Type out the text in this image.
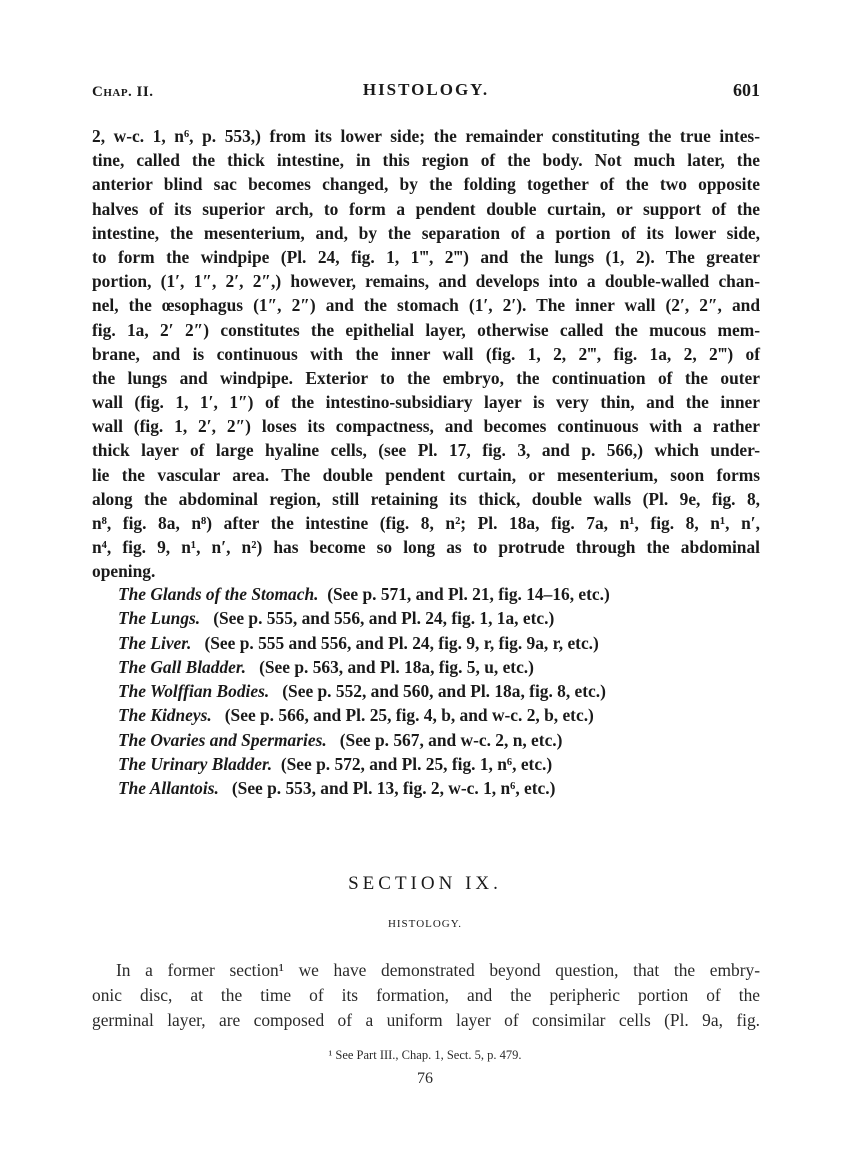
Chap. II.	HISTOLOGY.	601
2, w-c. 1, n⁶, p. 553,) from its lower side; the remainder constituting the true intes-
tine, called the thick intestine, in this region of the body. Not much later, the
anterior blind sac becomes changed, by the folding together of the two opposite
halves of its superior arch, to form a pendent double curtain, or support of the
intestine, the mesenterium, and, by the separation of a portion of its lower side,
to form the windpipe (Pl. 24, fig. 1, 1‴, 2‴) and the lungs (1, 2). The greater
portion, (1′, 1″, 2′, 2″,) however, remains, and develops into a double-walled chan-
nel, the œsophagus (1″, 2″) and the stomach (1′, 2′). The inner wall (2′, 2″, and
fig. 1a, 2′ 2″) constitutes the epithelial layer, otherwise called the mucous mem-
brane, and is continuous with the inner wall (fig. 1, 2, 2‴, fig. 1a, 2, 2‴) of
the lungs and windpipe. Exterior to the embryo, the continuation of the outer
wall (fig. 1, 1′, 1″) of the intestino-subsidiary layer is very thin, and the inner
wall (fig. 1, 2′, 2″) loses its compactness, and becomes continuous with a rather
thick layer of large hyaline cells, (see Pl. 17, fig. 3, and p. 566,) which under-
lie the vascular area. The double pendent curtain, or mesenterium, soon forms
along the abdominal region, still retaining its thick, double walls (Pl. 9e, fig. 8,
n⁸, fig. 8a, n⁸) after the intestine (fig. 8, n²; Pl. 18a, fig. 7a, n¹, fig. 8, n¹, n′,
n⁴, fig. 9, n¹, n′, n²) has become so long as to protrude through the abdominal
opening.
The Glands of the Stomach. (See p. 571, and Pl. 21, fig. 14–16, etc.)
The Lungs. (See p. 555, and 556, and Pl. 24, fig. 1, 1a, etc.)
The Liver. (See p. 555 and 556, and Pl. 24, fig. 9, r, fig. 9a, r, etc.)
The Gall Bladder. (See p. 563, and Pl. 18a, fig. 5, u, etc.)
The Wolffian Bodies. (See p. 552, and 560, and Pl. 18a, fig. 8, etc.)
The Kidneys. (See p. 566, and Pl. 25, fig. 4, b, and w-c. 2, b, etc.)
The Ovaries and Spermaries. (See p. 567, and w-c. 2, n, etc.)
The Urinary Bladder. (See p. 572, and Pl. 25, fig. 1, n⁶, etc.)
The Allantois. (See p. 553, and Pl. 13, fig. 2, w-c. 1, n⁶, etc.)
SECTION IX.
HISTOLOGY.
In a former section¹ we have demonstrated beyond question, that the embry-
onic disc, at the time of its formation, and the peripheric portion of the
germinal layer, are composed of a uniform layer of consimilar cells (Pl. 9a, fig.
¹ See Part III., Chap. 1, Sect. 5, p. 479.
76
